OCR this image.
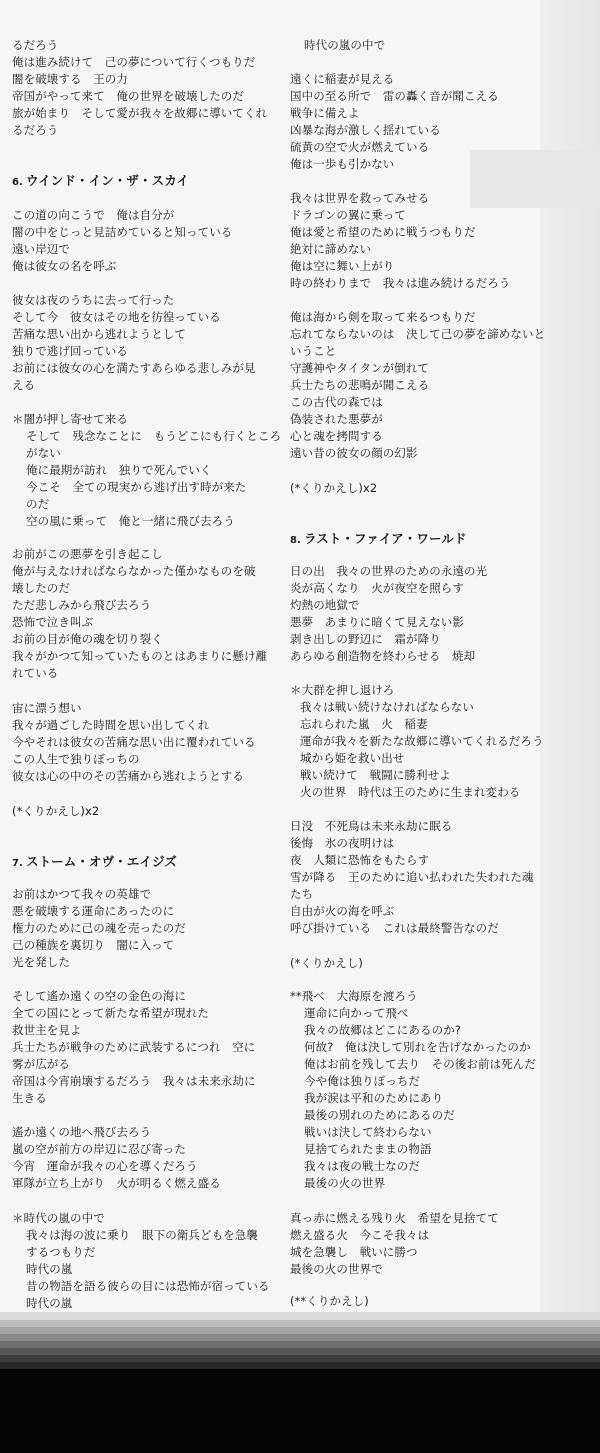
るだろう
俺は進み続けて　己の夢について行くつもりだ
闇を破壊する　王の力
帝国がやって来て　俺の世界を破壊したのだ
旅が始まり　そして愛が我々を故郷に導いてくれ
るだろう
6. ウインド・イン・ザ・スカイ
この道の向こうで　俺は自分が
闇の中をじっと見詰めていると知っている
遠い岸辺で
俺は彼女の名を呼ぶ
彼女は夜のうちに去って行った
そして今　彼女はその地を彷徨っている
苦痛な思い出から逃れようとして
独りで逃げ回っている
お前には彼女の心を満たすあらゆる悲しみが見
える
＊闇が押し寄せて来る
そして　残念なことに　もうどこにも行くところ
がない
俺に最期が訪れ　独りで死んでいく
今こそ　全ての現実から逃げ出す時が来た
のだ
空の風に乗って　俺と一緒に飛び去ろう
お前がこの悪夢を引き起こし
俺が与えなければならなかった僅かなものを破
壊したのだ
ただ悲しみから飛び去ろう
恐怖で泣き叫ぶ
お前の目が俺の魂を切り裂く
我々がかつて知っていたものとはあまりに懸け離
れている
宙に漂う想い
我々が過ごした時間を思い出してくれ
今やそれは彼女の苦痛な思い出に覆われている
この人生で独りぼっちの
彼女は心の中のその苦痛から逃れようとする
(*くりかえし)x2
7. ストーム・オヴ・エイジズ
お前はかつて我々の英雄で
悪を破壊する運命にあったのに
権力のために己の魂を売ったのだ
己の種族を裏切り　闇に入って
光を発した
そして遙か遠くの空の金色の海に
全ての国にとって新たな希望が現れた
救世主を見よ
兵士たちが戦争のために武装するにつれ　空に
雾が広がる
帝国は今宵崩壊するだろう　我々は未来永劫に
生きる
遙か遠くの地へ飛び去ろう
嵐の空が前方の岸辺に忍び寄った
今宵　運命が我々の心を導くだろう
軍隊が立ち上がり　火が明るく燃え盛る
＊時代の嵐の中で
我々は海の波に乗り　眼下の衛兵どもを急襲
するつもりだ
時代の嵐
昔の物語を語る彼らの目には恐怖が宿っている
時代の嵐
時代の嵐の中で
遠くに稲妻が見える
国中の至る所で　雷の轟く音が聞こえる
戦争に備えよ
凶暴な海が激しく揺れている
硫黄の空で火が燃えている
俺は一歩も引かない
我々は世界を救ってみせる
ドラゴンの翼に乗って
俺は愛と希望のために戦うつもりだ
絶対に諦めない
俺は空に舞い上がり
時の終わりまで　我々は進み続けるだろう
俺は海から剣を取って来るつもりだ
忘れてならないのは　決して己の夢を諦めないと
いうこと
守護神やタイタンが倒れて
兵士たちの悲鳴が聞こえる
この古代の森では
偽装された悪夢が
心と魂を拷問する
遠い昔の彼女の顔の幻影
(*くりかえし)x2
8. ラスト・ファイア・ワールド
日の出　我々の世界のための永遠の光
炎が高くなり　火が夜空を照らす
灼熱の地獄で
悪夢　あまりに暗くて見えない影
剥き出しの野辺に　霜が降り
あらゆる創造物を終わらせる　焼却
＊大群を押し退けろ
我々は戦い続けなければならない
忘れられた嵐　火　稲妻
運命が我々を新たな故郷に導いてくれるだろう
城から姫を救い出せ
戦い続けて　戦闘に勝利せよ
火の世界　時代は王のために生まれ変わる
日没　不死鳥は未来永劫に眠る
後悔　氷の夜明けは
夜　人類に恐怖をもたらす
雪が降る　王のために追い払われた失われた魂
たち
自由が火の海を呼ぶ
呼び掛けている　これは最終警告なのだ
(*くりかえし)
**飛べ　大海原を渡ろう
運命に向かって飛べ
我々の故郷はどこにあるのか?
何故?　俺は決して別れを告げなかったのか
俺はお前を残して去り　その後お前は死んだ
今や俺は独りぼっちだ
我が涙は平和のためにあり
最後の別れのためにあるのだ
戦いは決して終わらない
見捨てられたままの物語
我々は夜の戦士なのだ
最後の火の世界
真っ赤に燃える残り火　希望を見捨てて
燃え盛る火　今こそ我々は
城を急襲し　戦いに勝つ
最後の火の世界で
(**くりかえし)
